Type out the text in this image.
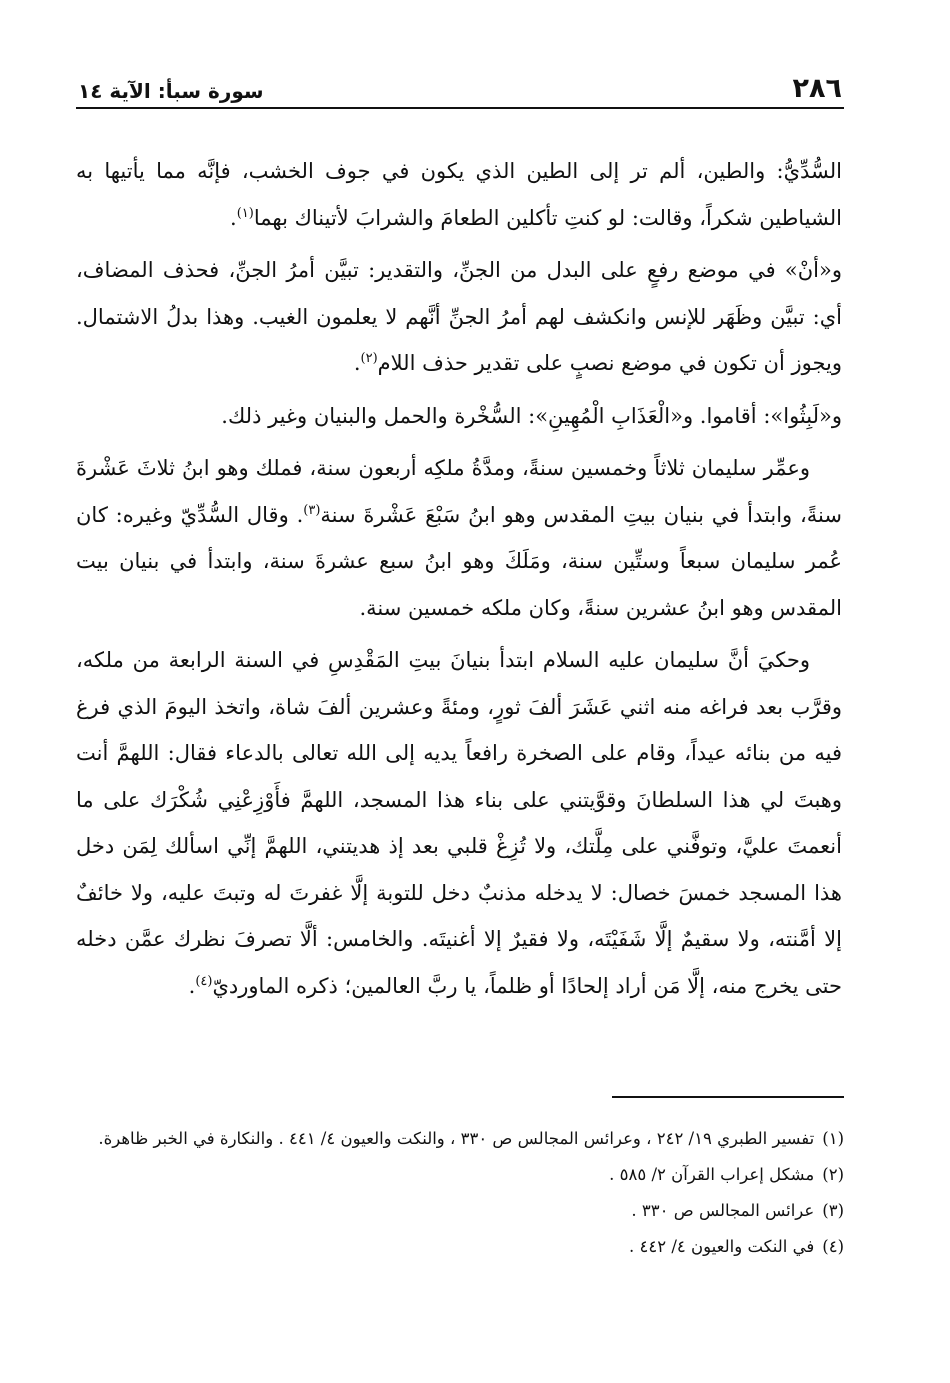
٢٨٦
سورة سبأ: الآية ١٤

السُّدِّيُّ: والطين، ألم تر إلى الطين الذي يكون في جوف الخشب، فإنَّه مما يأتيها به الشياطين شكراً، وقالت: لو كنتِ تأكلين الطعامَ والشرابَ لأتيناك بهما$^{(١)}$.

و«أنْ» في موضع رفعٍ على البدل من الجنِّ، والتقدير: تبيَّن أمرُ الجنِّ، فحذف المضاف، أي: تبيَّن وظَهَر للإنس وانكشف لهم أمرُ الجنِّ أنَّهم لا يعلمون الغيب. وهذا بدلُ الاشتمال. ويجوز أن تكون في موضع نصبٍ على تقدير حذف اللام$^{(٢)}$.

و«لَبِثُوا»: أقاموا. و«الْعَذَابِ الْمُهِينِ»: السُّخْرة والحمل والبنيان وغير ذلك.

وعمِّر سليمان ثلاثاً وخمسين سنةً، ومدَّةُ ملكِه أربعون سنة، فملك وهو ابنُ ثلاثَ عَشْرةَ سنةً، وابتدأ في بنيان بيتِ المقدس وهو ابنُ سَبْعَ عَشْرةَ سنة$^{(٣)}$. وقال السُّدِّيّ وغيره: كان عُمر سليمان سبعاً وستِّين سنة، ومَلَكَ وهو ابنُ سبع عشرةَ سنة، وابتدأ في بنيان بيت المقدس وهو ابنُ عشرين سنةً، وكان ملكه خمسين سنة.

وحكيَ أنَّ سليمان عليه السلام ابتدأ بنيانَ بيتِ المَقْدِسِ في السنة الرابعة من ملكه، وقرَّب بعد فراغه منه اثني عَشَرَ ألفَ ثورٍ، ومئةً وعشرين ألفَ شاة، واتخذ اليومَ الذي فرغ فيه من بنائه عيداً، وقام على الصخرة رافعاً يديه إلى الله تعالى بالدعاء فقال: اللهمَّ أنت وهبتَ لي هذا السلطانَ وقوَّيتني على بناء هذا المسجد، اللهمَّ فأَوْزِعْنِي شُكْرَك على ما أنعمتَ عليَّ، وتوفَّني على مِلَّتك، ولا تُزِغْ قلبي بعد إذ هديتني، اللهمَّ إنِّي اسألك لِمَن دخل هذا المسجد خمسَ خصال: لا يدخله مذنبٌ دخل للتوبة إلَّا غفرتَ له وتبتَ عليه، ولا خائفٌ إلا أمَّنته، ولا سقيمٌ إلَّا شَفَيْتَه، ولا فقيرٌ إلا أغنيتَه. والخامس: ألَّا تصرفَ نظرك عمَّن دخله حتى يخرج منه، إلَّا مَن أراد إلحادًا أو ظلماً، يا ربَّ العالمين؛ ذكره الماورديّ$^{(٤)}$.

(١)تفسير الطبري ١٩/ ٢٤٢ ، وعرائس المجالس ص ٣٣٠ ، والنكت والعيون ٤/ ٤٤١ . والنكارة في الخبر ظاهرة.
(٢)مشكل إعراب القرآن ٢/ ٥٨٥ .
(٣)عرائس المجالس ص ٣٣٠ .
(٤)في النكت والعيون ٤/ ٤٤٢ .
